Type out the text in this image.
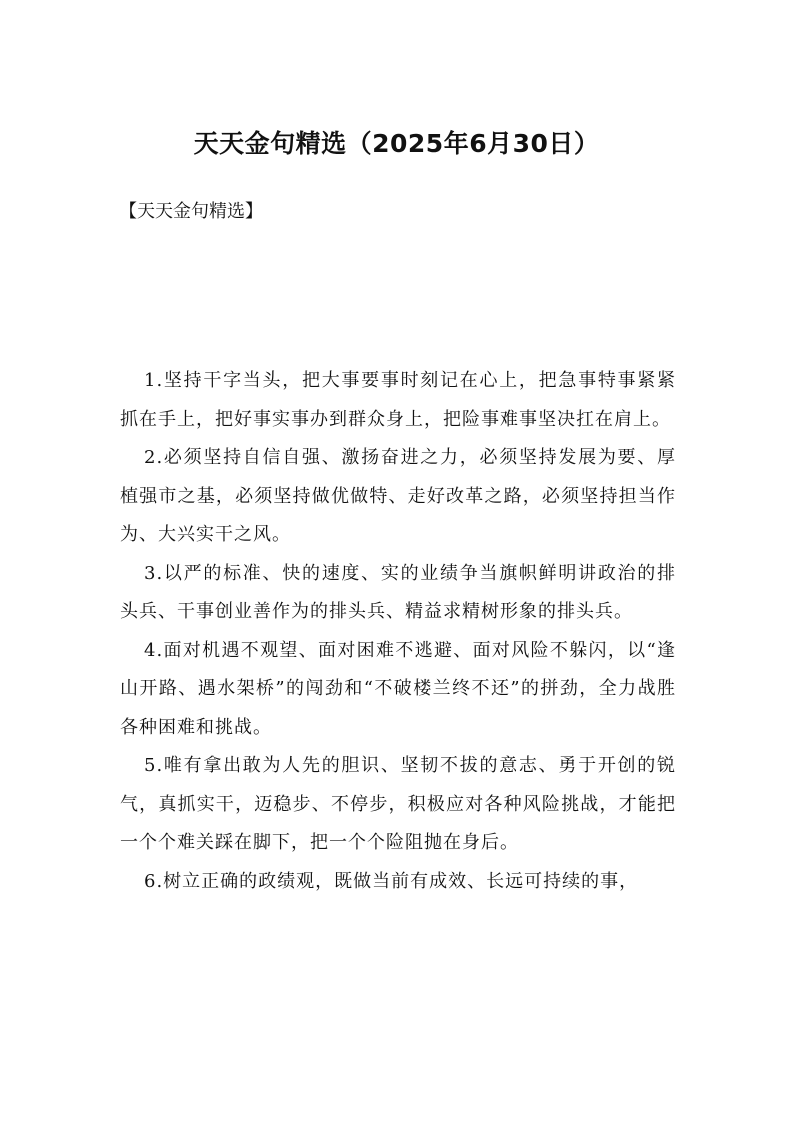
天天金句精选（2025年6月30日）

【天天金句精选】

1.坚持干字当头，把大事要事时刻记在心上，把急事特事紧紧抓在手上，把好事实事办到群众身上，把险事难事坚决扛在肩上。

2.必须坚持自信自强、激扬奋进之力，必须坚持发展为要、厚植强市之基，必须坚持做优做特、走好改革之路，必须坚持担当作为、大兴实干之风。

3.以严的标准、快的速度、实的业绩争当旗帜鲜明讲政治的排头兵、干事创业善作为的排头兵、精益求精树形象的排头兵。

4.面对机遇不观望、面对困难不逃避、面对风险不躲闪，以“逢山开路、遇水架桥”的闯劲和“不破楼兰终不还”的拼劲，全力战胜各种困难和挑战。

5.唯有拿出敢为人先的胆识、坚韧不拔的意志、勇于开创的锐气，真抓实干，迈稳步、不停步，积极应对各种风险挑战，才能把一个个难关踩在脚下，把一个个险阻抛在身后。

6.树立正确的政绩观，既做当前有成效、长远可持续的事，
